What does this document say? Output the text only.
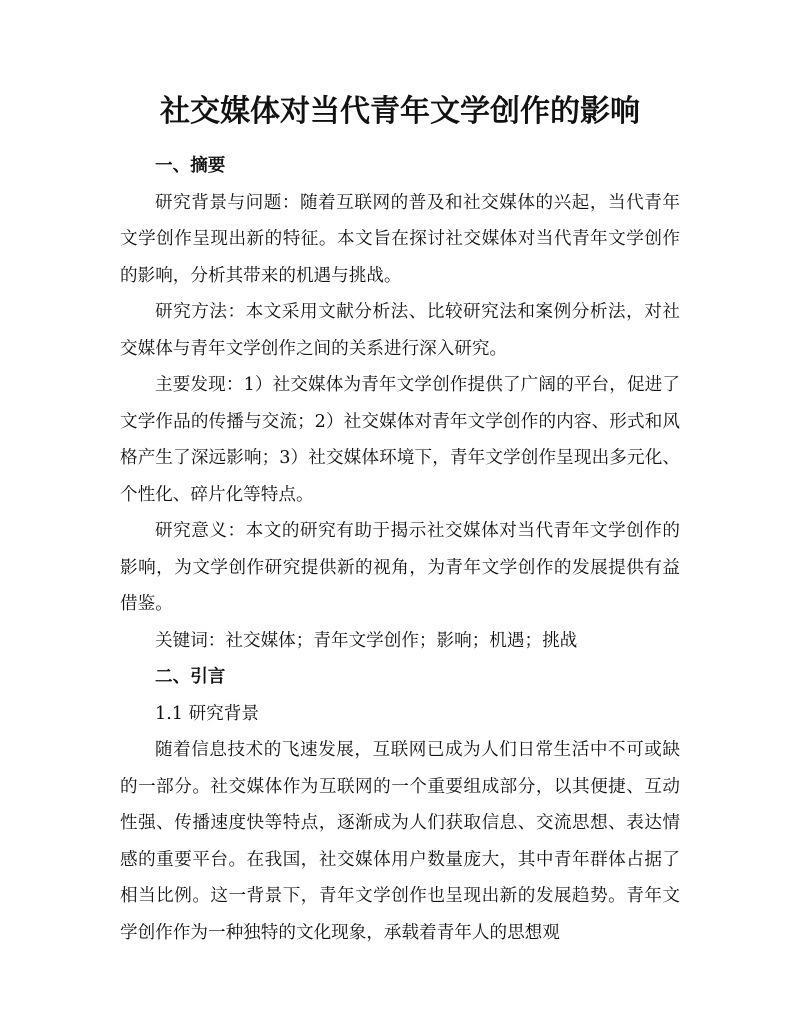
社交媒体对当代青年文学创作的影响

一、摘要

研究背景与问题：随着互联网的普及和社交媒体的兴起，当代青年文学创作呈现出新的特征。本文旨在探讨社交媒体对当代青年文学创作的影响，分析其带来的机遇与挑战。

研究方法：本文采用文献分析法、比较研究法和案例分析法，对社交媒体与青年文学创作之间的关系进行深入研究。

主要发现：1）社交媒体为青年文学创作提供了广阔的平台，促进了文学作品的传播与交流；2）社交媒体对青年文学创作的内容、形式和风格产生了深远影响；3）社交媒体环境下，青年文学创作呈现出多元化、个性化、碎片化等特点。

研究意义：本文的研究有助于揭示社交媒体对当代青年文学创作的影响，为文学创作研究提供新的视角，为青年文学创作的发展提供有益借鉴。

关键词：社交媒体；青年文学创作；影响；机遇；挑战

二、引言

1.1 研究背景

随着信息技术的飞速发展，互联网已成为人们日常生活中不可或缺的一部分。社交媒体作为互联网的一个重要组成部分，以其便捷、互动性强、传播速度快等特点，逐渐成为人们获取信息、交流思想、表达情感的重要平台。在我国，社交媒体用户数量庞大，其中青年群体占据了相当比例。这一背景下，青年文学创作也呈现出新的发展趋势。青年文学创作作为一种独特的文化现象，承载着青年人的思想观
